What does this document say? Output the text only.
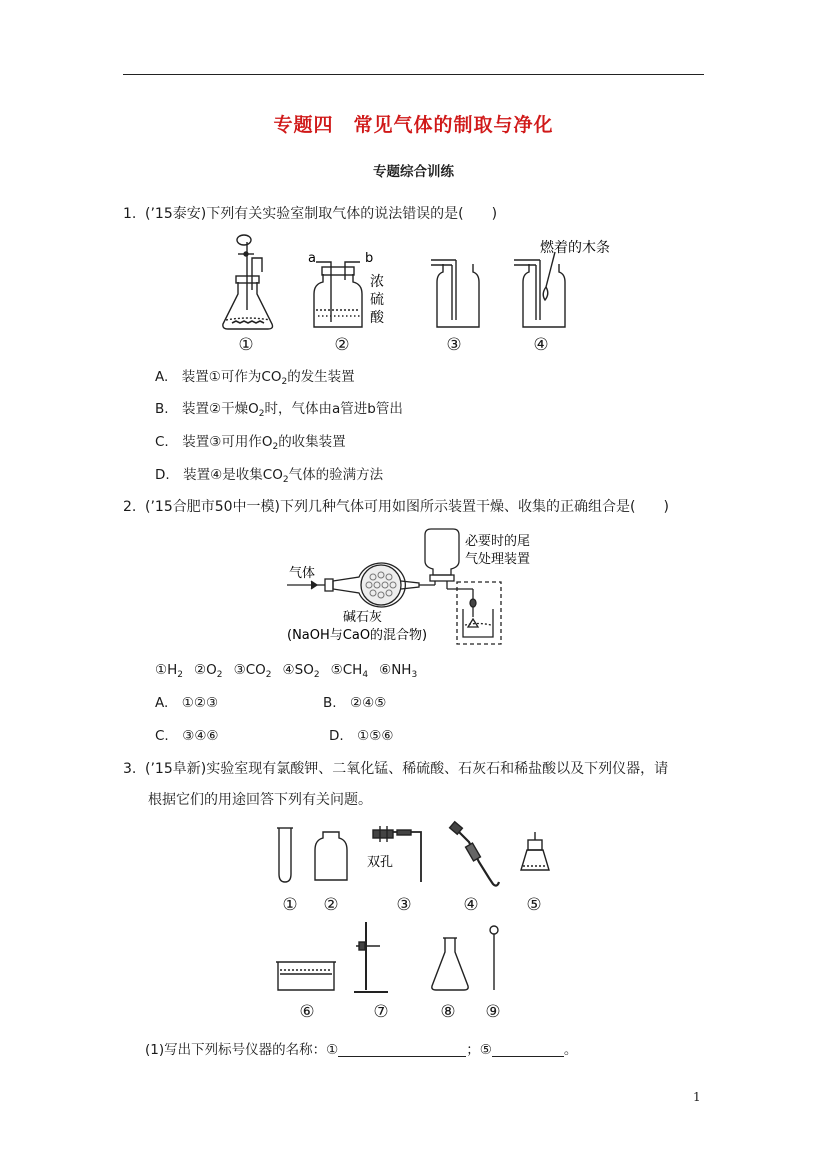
专题四　常见气体的制取与净化
专题综合训练
1. (’15泰安)下列有关实验室制取气体的说法错误的是(　　)
a	b
浓
硫
酸
燃着的木条
①	②	③	④
A.　装置①可作为$CO_2$的发生装置
B.　装置②干燥$O_2$时，气体由a管进b管出
C.　装置③可用作$O_2$的收集装置
D.　装置④是收集$CO_2$气体的验满方法
2. (’15合肥市50中一模)下列几种气体可用如图所示装置干燥、收集的正确组合是(　　)
气体
碱石灰
(NaOH与CaO的混合物)
必要时的尾
气处理装置
$①H_2$  $②O_2$  $③CO_2$  $④SO_2$  $⑤CH_4$  $⑥NH_3$
A.　①②③	B.　②④⑤
C.　③④⑥	D.　①⑤⑥
3. (’15阜新)实验室现有氯酸钾、二氧化锰、稀硫酸、石灰石和稀盐酸以及下列仪器，请
根据它们的用途回答下列有关问题。
双孔
①	②	③	④	⑤
⑥	⑦	⑧	⑨
(1)写出下列标号仪器的名称：①	；⑤	。
1
